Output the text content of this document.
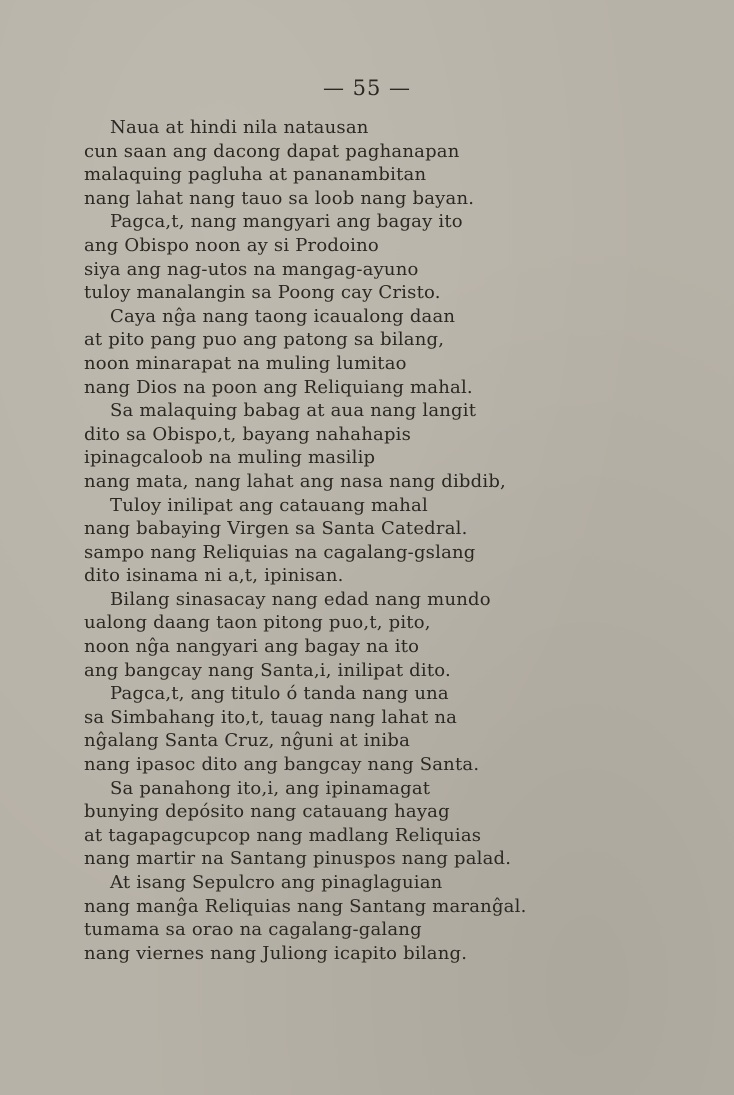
— 55 —
Naua at hindi nila natausan
cun saan ang dacong dapat paghanapan
malaquing pagluha at pananambitan
nang lahat nang tauo sa loob nang bayan.
Pagca,t, nang mangyari ang bagay ito
ang Obispo noon ay si Prodoino
siya ang nag-utos na mangag-ayuno
tuloy manalangin sa Poong cay Cristo.
Caya nĝa nang taong icaualong daan
at pito pang puo ang patong sa bilang,
noon minarapat na muling lumitao
nang Dios na poon ang Reliquiang mahal.
Sa malaquing babag at aua nang langit
dito sa Obispo,t, bayang nahahapis
ipinagcaloob na muling masilip
nang mata, nang lahat ang nasa nang dibdib,
Tuloy inilipat ang catauang mahal
nang babaying Virgen sa Santa Catedral.
sampo nang Reliquias na cagalang-gslang
dito isinama ni a,t, ipinisan.
Bilang sinasacay nang edad nang mundo
ualong daang taon pitong puo,t, pito,
noon nĝa nangyari ang bagay na ito
ang bangcay nang Santa,i, inilipat dito.
Pagca,t, ang titulo ó tanda nang una
sa Simbahang ito,t, tauag nang lahat na
nĝalang Santa Cruz, nĝuni at iniba
nang ipasoc dito ang bangcay nang Santa.
Sa panahong ito,i, ang ipinamagat
bunying depósito nang catauang hayag
at tagapagcupcop nang madlang Reliquias
nang martir na Santang pinuspos nang palad.
At isang Sepulcro ang pinaglaguian
nang manĝa Reliquias nang Santang maranĝal.
tumama sa orao na cagalang-galang
nang viernes nang Juliong icapito bilang.
